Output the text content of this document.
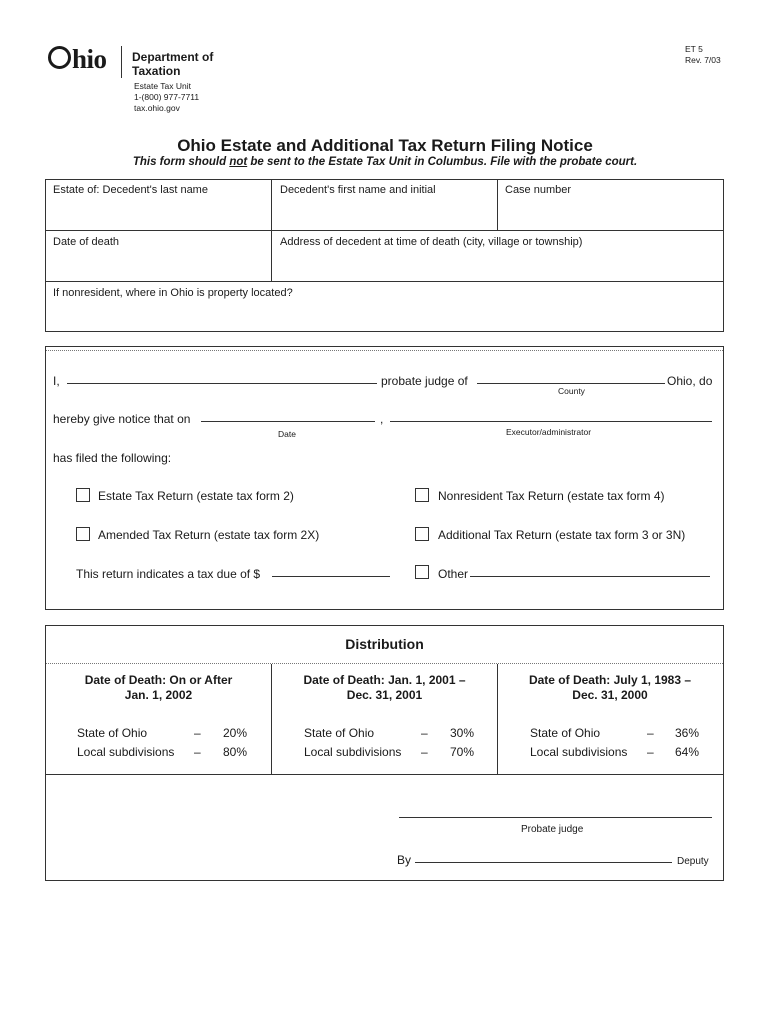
hio Department of
Taxation
Estate Tax Unit
1-(800) 977-7711
tax.ohio.gov
ET 5
Rev. 7/03
Ohio Estate and Additional Tax Return Filing Notice
This form should not be sent to the Estate Tax Unit in Columbus. File with the probate court.
Estate of: Decedent's last name	Decedent's first name and initial	Case number
Date of death	Address of decedent at time of death (city, village or township)
If nonresident, where in Ohio is property located?
I,	probate judge of	Ohio, do
County
hereby give notice that on	,
Date	Executor/administrator
has filed the following:
Estate Tax Return (estate tax form 2)	Nonresident Tax Return (estate tax form 4)
Amended Tax Return (estate tax form 2X)	Additional Tax Return (estate tax form 3 or 3N)
This return indicates a tax due of $	Other
Distribution
Date of Death: On or After
Jan. 1, 2002
State of Ohio	– 20%
Local subdivisions – 80%
Date of Death: Jan. 1, 2001 –
Dec. 31, 2001
State of Ohio	– 30%
Local subdivisions – 70%
Date of Death: July 1, 1983 –
Dec. 31, 2000
State of Ohio	– 36%
Local subdivisions – 64%
Probate judge
By	Deputy
